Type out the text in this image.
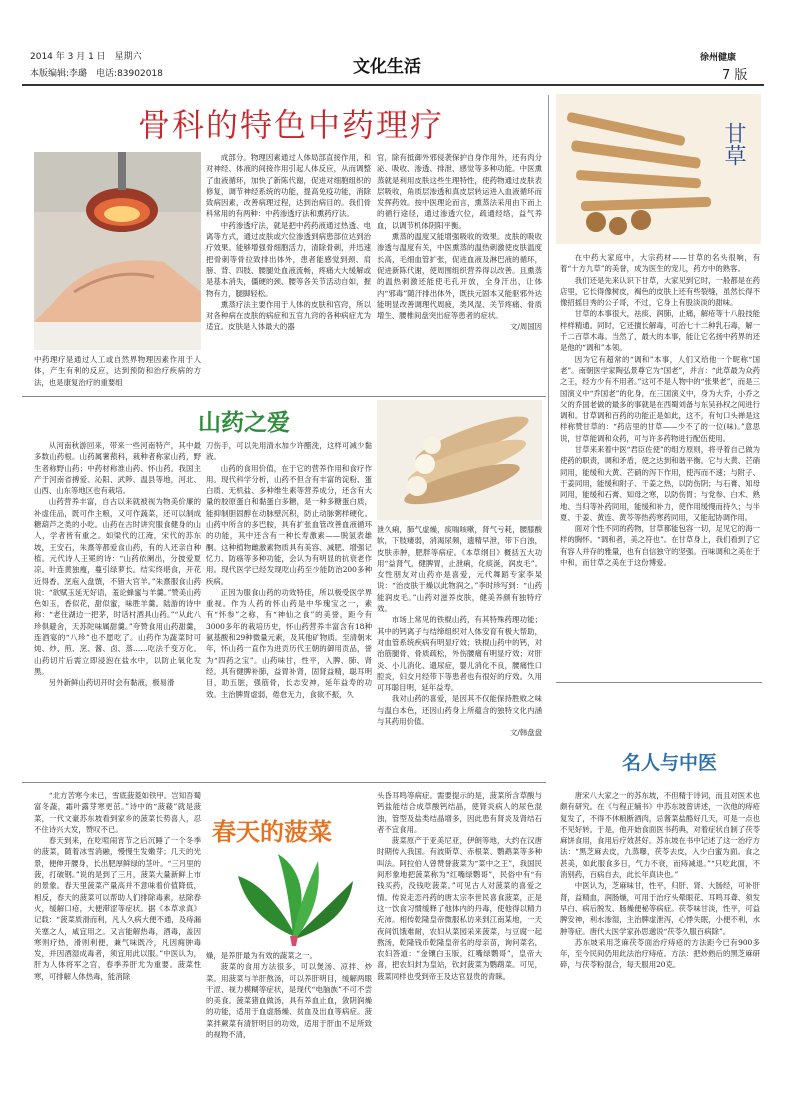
2014 年 3 月 1 日　星期六
本版编辑:李璐　电话:83902018	文化生活	徐州健康
7 版
骨科的特色中药理疗
中药理疗是通过人工或自然界物理因素作用于人体，产生有利的反应，达到预防和治疗疾病的方法，也是康复治疗的重要组

成部分。物理因素通过人体局部直接作用，和对神经、体液的间接作用引起人体反应，从而调整了血液循环，加快了新陈代谢，促进对细胞组织的修复，调节神经系统的功能，提高免疫功能，消除致病因素，改善病理过程，达到治病目的。我们骨科常用的有两种：中药渗透疗法和熏药疗法。

中药渗透疗法，就是把中药药液通过热透、电离等方式，通过皮肤或穴位渗透到病患部位达到治疗效果。能够增强骨细胞活力，清除骨刺，并迅速把骨刺等骨拉致排出体外，患者能感觉到颈、肩膀、背、四肢、腰腿处血液流畅，疼痛大大缓解或是基本消失，僵硬的颈、腰等各关节活动自如，握物有力，腿脚轻松。

熏蒸疗法主要作用于人体的皮肤和官窍，所以对各种病在皮肤的病症和五官九窍的各种病症尤为适宜。皮肤是人体最大的器

官，除有抵御外邪侵袭保护自身作用外，还有肉分泌、吸收、渗透、排泄、感觉等多种功能。中医熏蒸就是利用皮肤这些生理特性，使药物通过皮肤表层吸收，角质层渗透和真皮层转运进入血液循环而发挥药效。按中医理论而言，熏蒸法采用由下而上的循行途径，通过渗透穴位，疏通经络，益气养血，以调节机体阴阳平衡。

熏蒸的温度又能增强吸收的效果。皮肤的吸收渗透与温度有关，中医熏蒸的温热刺激使皮肤温度长高，毛细血管扩张，促进血液及淋巴液的循环，促进新陈代谢，使周围组织营养得以改善。且熏蒸的温热刺激还能使毛孔开放，全身汗出，让体内“邪毒”随汗排出体外，既扶元固本又能驱邪外达能明显改善调理代周疲，类风湿、关节疼痛、骨质增生、腰椎间盘突出症等患者的症状。

文/周国因
山药之爱

从河南秋游回来，带来一些河南特产，其中最多数山药根。山药属薯蓣科，栽种者称家山药，野生者称野山药；中药材称淮山药、怀山药。我国主产于河南省搏爱、沁阳、武陟、温县等地，河北、山西、山东等地区也有栽培。

山药营养丰富，自古以来就被视为物美价廉的补虚佳品，既可作主粮，又可作蔬菜，还可以制成糖葫芦之类的小吃。山药在古时讲究服食健身的山人，学者皆有重之。如梁代的江淹，宋代的苏东坡，王安石，朱熹等都爱食山药，有的人还亲自种植。元代诗人王冕的诗：“山药依阑出，分披爱夏凉。叶连黄独瘦，蔓引绿萝长。结实终堪食，开花近得香。烹庖入盘馔，不错大官羊。”朱熹服食山药说：“欲赋玉延无好语，羞论蜂蜜与羊羹。”赞美山药色如玉，香似花，甜似蜜，味胜羊羹。陆游的诗中称：“老住湖边一把茅，时话村酒具山药。”“从此八珍俱避舍，天苏陀味属甜羹。”夸赞食用山药甜羹，连酒宴的“八珍”也不愿吃了。山药作为蔬菜时可炖、炒、煎、烹、酱、卤、蒸……吃法千变万化。山药切片后需立即浸泡在盐水中，以防止氧化发黑。

另外新鲜山药切开时会有黏液，极易滑

刀伤手，可以先用清水加少许醋洗，这样可减少黏液。

山药的食用价值，在于它的营养作用和食疗作用。现代科学分析，山药不但含有丰富的淀粉、蛋白质、无机盐、多种维生素等营养成分，还含有大量的胶原蛋白和黏蛋白多糖，是一种多糖蛋白质，能抑制胆固醇在动脉壁沉积，防止动脉粥样硬化。山药中所含的多巴胺，具有扩张血管改善血液循环的功能，其中还含有一种长寿激素——脱氢表雄酮。这种植物雌激素物质具有美容、减肥、增强记忆力、防癌等多种功能，会认为有明显的抗衰老作用。现代医学已经发现吃山药至少能防治200多种疾病。

正因为服食山药的功效特佳，所以极受医学界重视。作为人药的怀山药是中华瑰宝之一，素有“怀参”之称，有“神仙之食”的美誉，距今有3000多年的栽培历史，怀山药营养丰富含有18种氨基酸和29种微量元素，及其他矿物质。至清朝末年，怀山药一直作为进贡历代王朝的御用贡品，誉为“四药之宝”。山药味甘，性平，入脾、肺、肾经。具有健脾补肺，益胃补肾，固肾益精，聪耳明目，助五脏，强筋骨，长志安神，延年益寿的功效。主治脾胃虚弱，倦怠无力，食欲不振，久

泄久痢，肺气虚燥，痰喘咳嗽，肾气亏耗，腰膝酸软，下肢痿弱，消渴尿频，遗精早泄，带下白浊，皮肤赤肿，肥胖等病症。《本草纲目》概括五大功用“益肾气，健脾胃，止泄痢，化痰涎，润皮毛”。女性朋友对山药亦是喜爱，元代舞蹈专家李杲说：“治皮肤干燥以此物润之。”李时珍写到：“山药能润皮毛。”山药对滋养皮肤，健美养颜有独特疗效。

市场上常见的铁棍山药，有其特殊药理功能；其中的钙离子与结缔组织对人体安育有极大帮助，对血管系统疾病有明显疗效；铁棍山药中的钙，对治筋腿骨，骨质疏松，外伤腰痛有明显疗效；对肝炎、小儿消化、遗尿症，婴儿消化不良，腰痛性口腔炎，妇女月经带下等患者也有很好的疗效。久用可耳聪目明，延年益寿。

我对山药的喜爱，是因其不仅能保持胜败之味与温白本色，还因山药身上所蕴含的独特文化内涵与其药用价值。

文/韩盘盘

“北方苦寒今未已，雪底菠菱如铁甲。岂知吾蜀富冬蔬，霜叶露芽寒更茁。”诗中的“菠薐”就是菠菜，一代文豪苏东坡看到家乡的菠菜长势喜人，忍不住诗兴大发，赞叹不已。

春天到来，在吃喧闹宵节之后沉睡了一个冬季的菠菜，随着冰雪消融，慢慢生发嫩芽；几天的光景，便伸开腰身，长出肥厚鲜绿的茎叶。“三月里的菠，打破钢。”说的是到了三月，菠菜大量新鲜上市的景象。春天里菠菜产量高并不意味着价值降低，相反，春天的菠菜可以帮助人们排除毒素，祛除春火，缓解口疮，大便滞涩等症状。据《本草求真》记载：“菠菜质滑而利，凡人久病大便不通，及痔漏关塞之人，咸宜用之。又言能解热毒，酒毒，盖因寒则疗热，滑则利便，兼气味既冷，凡因痈肿毒发，并因酒湿成毒者，须宜用此以服。”中医认为，肝为人体将军之官，春季养肝尤为重要。菠菜性寒，可排解人体热毒，能消除

春天的菠菜

燥，是养肝最为有效的蔬菜之一。

菠菜的食用方法很多，可以煲汤、凉拌、炒菜。用菠菜与羊肝熬汤，可以养肝明目，缓解两眼干涩、视力模糊等症状，是现代“电脑族”不可不尝的美食。菠菜猪血做汤，具有养血止血，敛阴润燥的功能，适用于血虚肠燥、贫血及出血等病症。菠菜拌蕨菜有清肝明目的功效，适用于肝血不足所致的视物不清，

头昏耳鸣等病症。需要提示的是，菠菜所含草酸与钙盐能结合成草酸钙结晶，使肾炎病人的尿色混浊，管型及盐类结晶增多，因此患有肾炎及肾结石者不宜食用。

菠菜原产于亚美尼亚，伊朗等地，大约在汉唐时期传入我国。有波斯草、赤根菜、鹦鹉菜等多种叫法。阿拉伯人曾赞誉菠菜为“菜中之王”，我国民间形象地把菠菜称为“红嘴绿鹦哥”，民俗中有“有钱买药，没钱吃菠菜。”可见古人对菠菜的喜爱之情。传说走恋丹药的唐太宗李世民喜食菠菜，正是这一饮食习惯缓释了他体内的丹毒，使他得以精力充沛。相传乾隆皇帝微服私访来到江南某地，一天夜间饥饿难耐，农妇从菜园采来菠菜，与豆腐一起熬汤，乾隆钱币乾隆皇帝名的母亲苗，询问菜名，农妇答道：“金镶白玉版，红嘴绿鹦哥”，皇帝大喜，把农妇封为皇站，钦封菠菜为鹦鹉菜。可见，菠菜同样也受到帝王及达官显贵的青睐。

甘草

在中药大家庭中，大宗药材——甘草的名头很响，有着“十方九草”的美誉，成为医生的宠儿，药方中的熟客。

我们还是先来认识下甘草，大家见到它时，一般都是在药店里，它长得像树皮，褐色的皮肤上还有些裂缝，虽然长得不像招摇目秀的公子哥，不过，它身上有股淡淡的甜味。

甘草的本事很大，祛痰、润肺，止痛，解疮等十八般技能样样精通。同时，它还擅长解毒，可治七十二种乳石毒，解一千二百草木毒。当然了，最大的本事，能让它名扬中药界的还是他的“调和”本领。

因为它有超常的“调和”本事，人们又给他一个昵称“国老”。南朝医学家陶弘景尊它为“国老”，并言：“此草最为众药之王，经方少有不用者。”这可不是人物中的“张果老”，而是三国演义中“乔国老”的化身，在三国演义中，身为大乔，小乔之父的乔国老做的最多的事就是在西蜀刘备与东吴孙权之间进行调和。甘草调和百药的功能正是如此，这不，有句口头禅是这样称赞甘草的：“药店里的甘草——少不了的一位(味)。”意思说，甘草能调和众药，可与许多药物进行配伍使用。

甘草来来着中医“君臣佐使”的组方原则，将寻着自己做为使药的职责，调和矛盾，使之达到和谐平衡。它与大黄、芒硝同用，能缓和大黄、芒硝的泻下作用，使泻而不速；与附子、干姜同用，能缓和附子、干姜之热，以防伤阴；与石膏、知母同用，能缓和石膏、知母之寒，以防伤胃；与党参、白术、熟地、当归等补药同用，能缓和补力，使作用缓慢而持久；与半夏、干姜、黄连、黄芩等热药寒药同用，又能起协调作用。

面对个性不同的药物，甘草都能包容一切，足见它的海一样的胸怀。“调和者，美之符也”。在甘草身上，我们看到了它有容人并存的雅量，也有自信独守的坚强。百味调和之美在于中和，而甘草之美在于这份博爱。

名人与中医

唐宋八大家之一的苏东坡，不但精于诗词，而且对医术也颇有研究。在《与程正辅书》中苏东坡曾讲述，一次他的痔疮复发了，不得不休粮断酒肉，忌酱菜盐酪好几天，可是一点也不见好转。于是，他开始食面医书药典，对着症状自制了茯苓麻饼食用，食用后疗效甚好。苏东坡在书中记述了这一治疗方法：“黑芝麻去皮，九蒸曝，茯苓去皮，入少白蜜为面。食之甚美，如此服食多日，气力不衰，而痔减退。”“只吃此面，不消别药，百病自去，此长年真诀也。”

中医认为，芝麻味甘，性平，归肝、肾、大肠经，可补肝肾，益精血，润肠燥，可用于治疗头晕眼花、耳鸣耳聋、须发早白、病后脱发、肠燥便秘等病症。茯苓味甘淡，性平，可益脾安神，利水渗湿，主治脾虚泄泻，心悸失眠，小便不利，水肿等症。唐代大医学家孙思邈说“茯苓久服百病除”。

苏东坡采用芝麻茯苓面治疗痔疮的方法距今已有900多年，至今民间仍用此法治疗痔疮。方法：把炒熟后的黑芝麻研碎，与茯苓粉混合，每天服用20克。
